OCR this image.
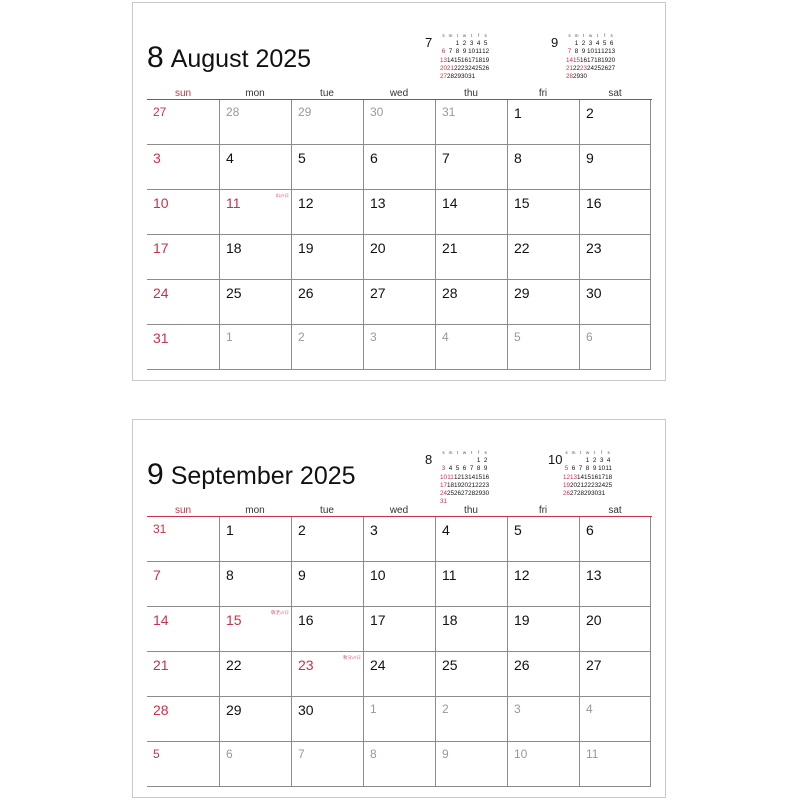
8 August 2025
7 s	m	t	w	t	f	s
		1	2	3	4	5
6	7	8	9	10	11	12
13	14	15	16	17	18	19
20	21	22	23	24	25	26
27	28	29	30	31		
9 s	m	t	w	t	f	s
	1	2	3	4	5	6
7	8	9	10	11	12	13
14	15	16	17	18	19	20
21	22	23	24	25	26	27
28	29	30				
sun	mon	tue	wed	thu	fri	sat
27	28	29	30	31	1	2
3	4	5	6	7	8	9
10	11	山の日 12	13	14	15	16
17	18	19	20	21	22	23
24	25	26	27	28	29	30
31	1	2	3	4	5	6
9 September 2025
8 s	m	t	w	t	f	s
					1	2
3	4	5	6	7	8	9
10	11	12	13	14	15	16
17	18	19	20	21	22	23
24	25	26	27	28	29	30
31						
10 s	m	t	w	t	f	s
			1	2	3	4
5	6	7	8	9	10	11
12	13	14	15	16	17	18
19	20	21	22	23	24	25
26	27	28	29	30	31	
sun	mon	tue	wed	thu	fri	sat
31	1	2	3	4	5	6
7	8	9	10	11	12	13
14	15	敬老の日 16	17	18	19	20
21	22	23	秋分の日 24	25	26	27
28	29	30	1	2	3	4
5	6	7	8	9	10	11
